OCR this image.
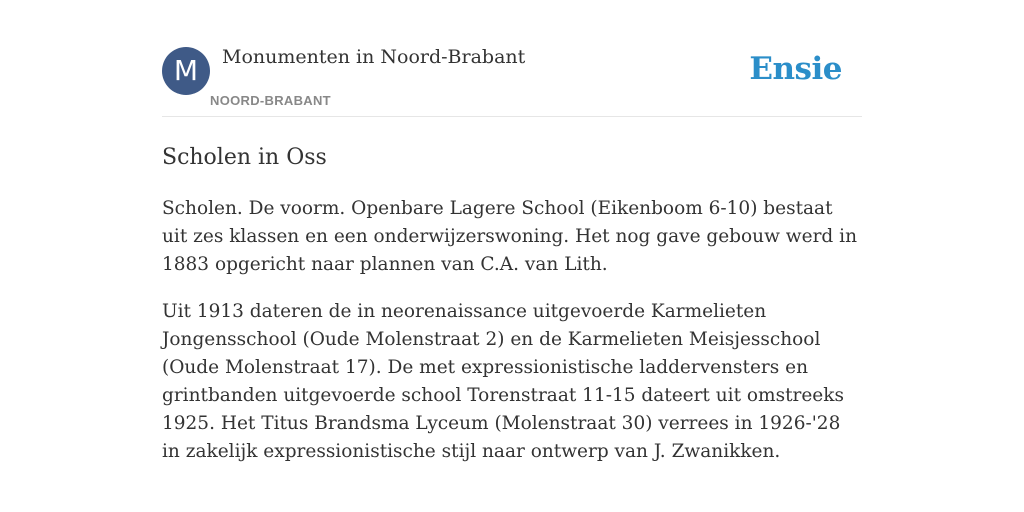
M	Monumenten in Noord-Brabant
NOORD-BRABANT
Ensie
Scholen in Oss

Scholen. De voorm. Openbare Lagere School (Eikenboom 6-10) bestaat uit zes klassen en een onderwijzerswoning. Het nog gave gebouw werd in 1883 opgericht naar plannen van C.A. van Lith.

Uit 1913 dateren de in neorenaissance uitgevoerde Karmelieten Jongensschool (Oude Molenstraat 2) en de Karmelieten Meisjesschool (Oude Molenstraat 17). De met expressionistische laddervensters en grintbanden uitgevoerde school Torenstraat 11-15 dateert uit omstreeks 1925. Het Titus Brandsma Lyceum (Molenstraat 30) verrees in 1926-'28 in zakelijk expressionistische stijl naar ontwerp van J. Zwanikken.
